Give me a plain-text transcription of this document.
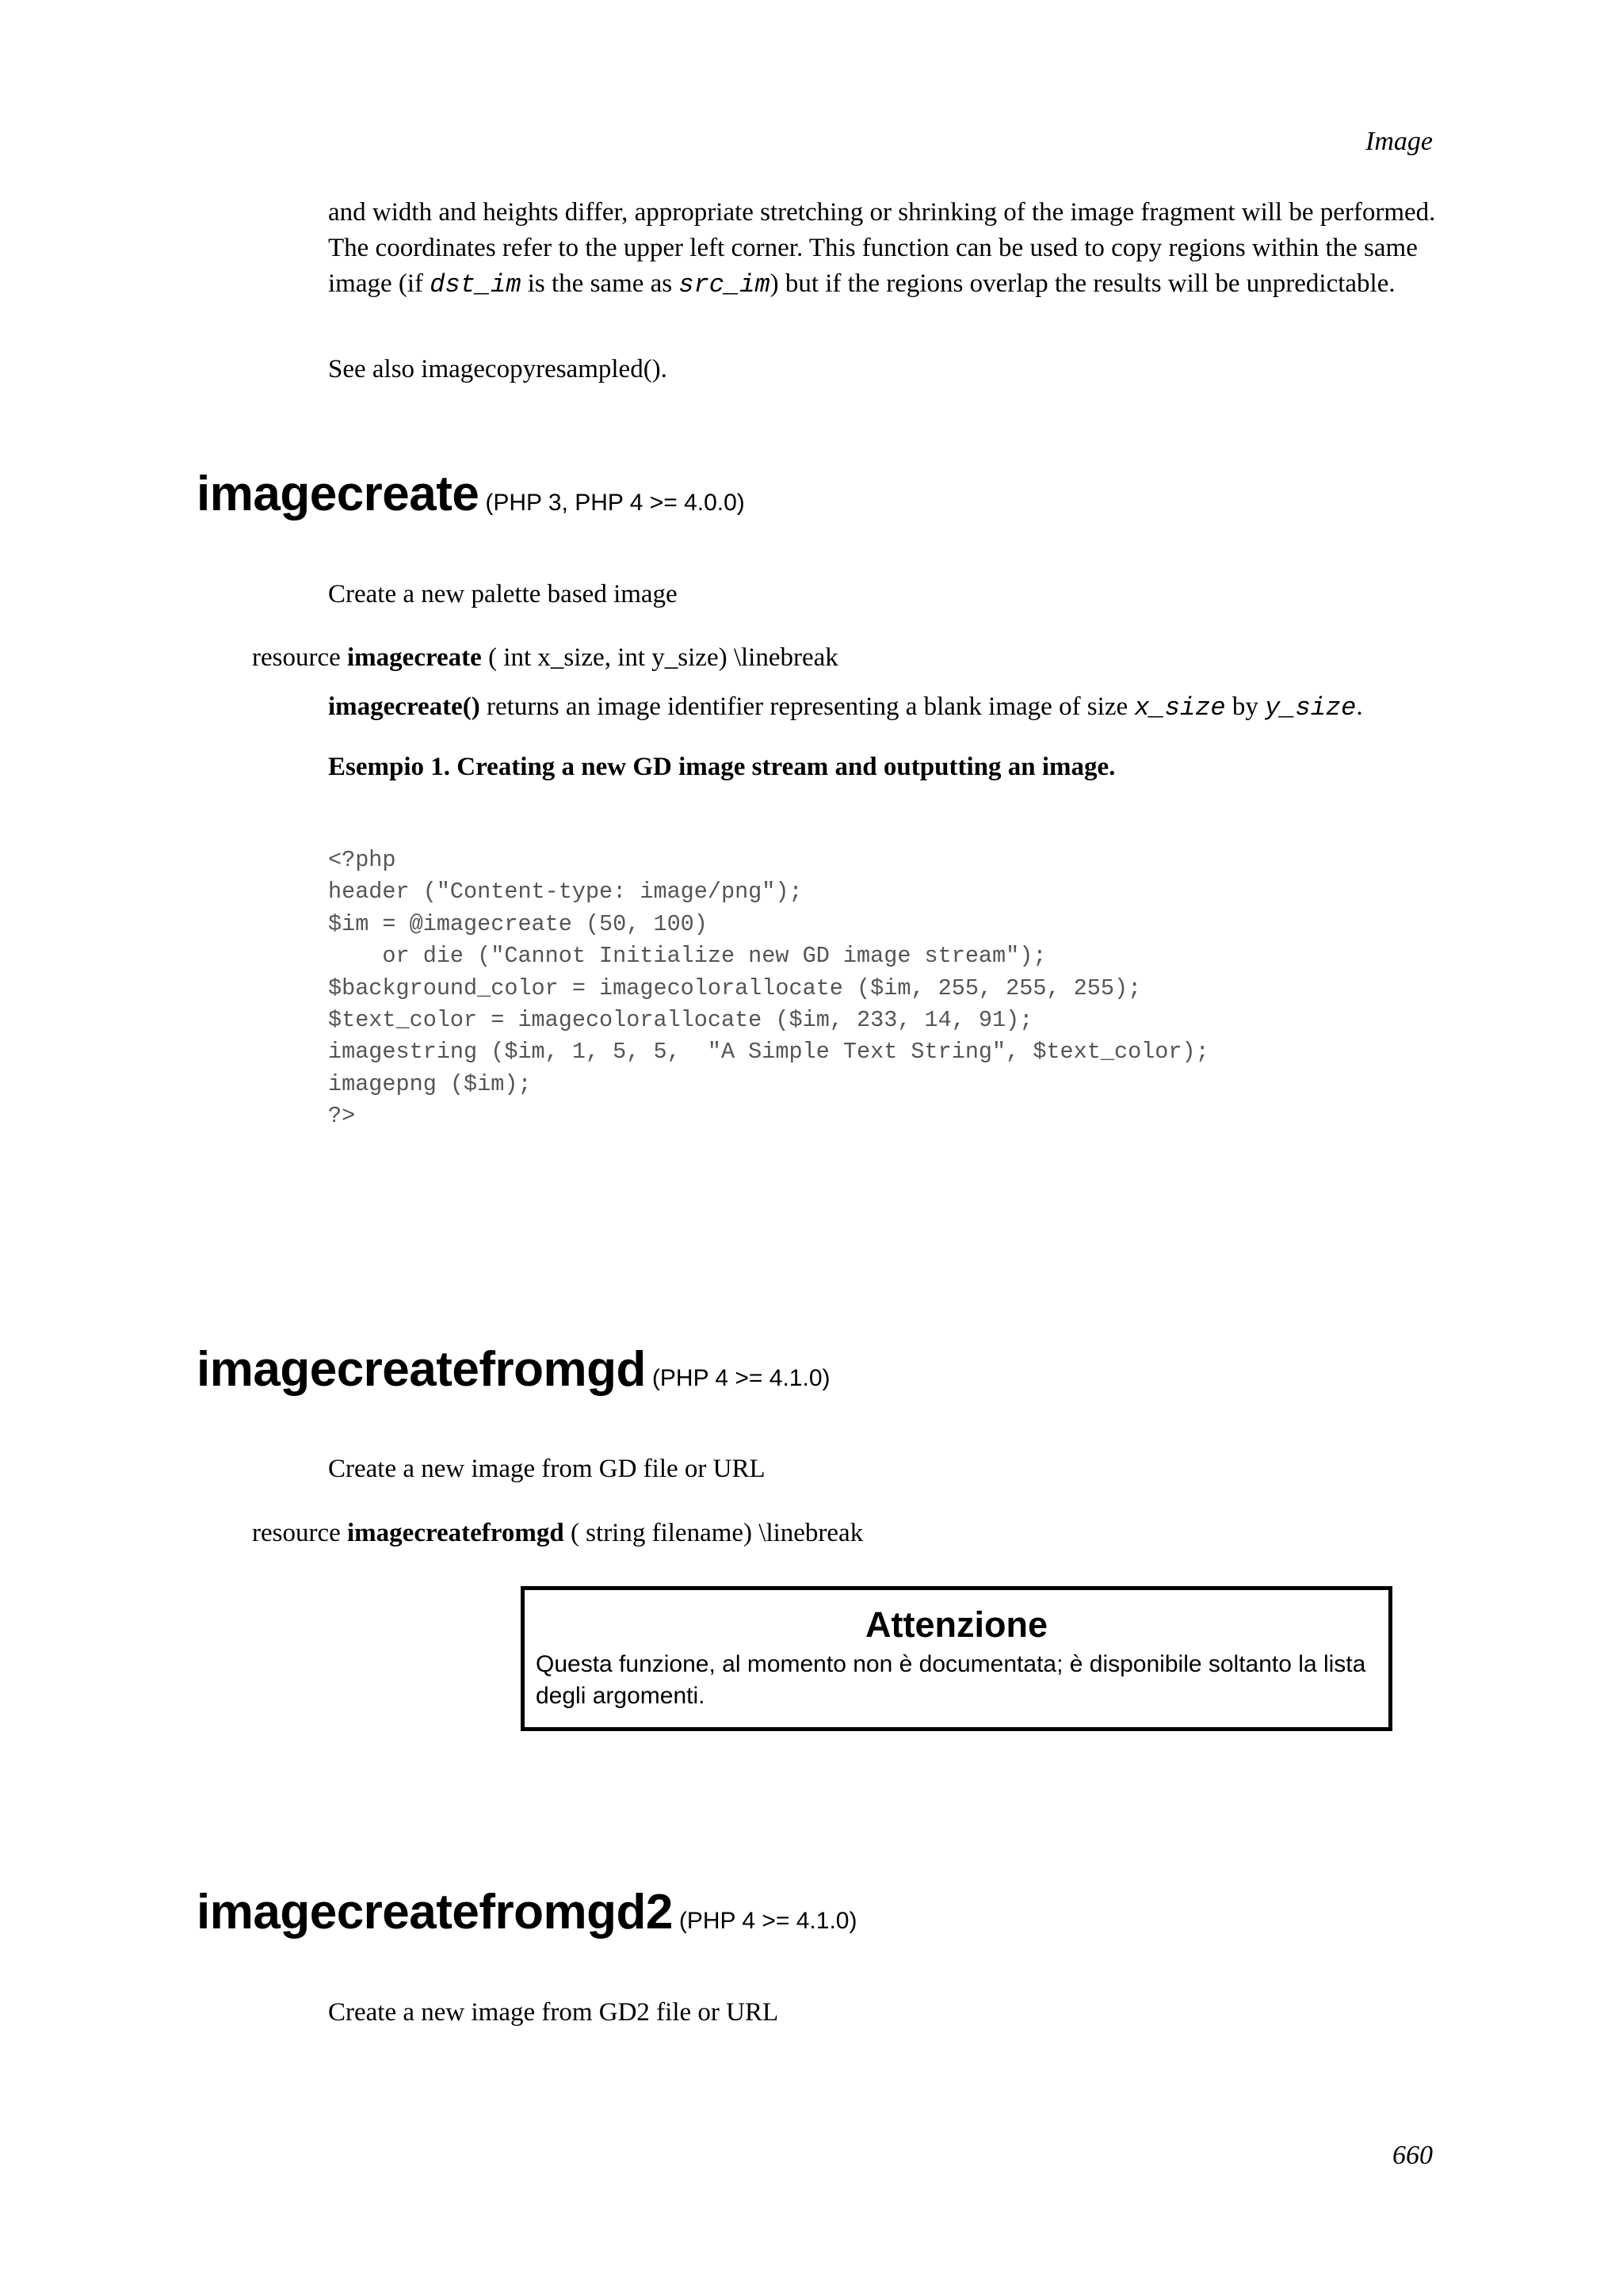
Image
and width and heights differ, appropriate stretching or shrinking of the image fragment will be performed. The coordinates refer to the upper left corner. This function can be used to copy regions within the same image (if dst_im is the same as src_im) but if the regions overlap the results will be unpredictable.
See also imagecopyresampled().
imagecreate (PHP 3, PHP 4 >= 4.0.0)
Create a new palette based image
resource imagecreate ( int x_size, int y_size) \linebreak
imagecreate() returns an image identifier representing a blank image of size x_size by y_size.
Esempio 1. Creating a new GD image stream and outputting an image.
<?php
header ("Content-type: image/png");
$im = @imagecreate (50, 100)
or die ("Cannot Initialize new GD image stream");
$background_color = imagecolorallocate ($im, 255, 255, 255);
$text_color = imagecolorallocate ($im, 233, 14, 91);
imagestring ($im, 1, 5, 5,  "A Simple Text String", $text_color);
imagepng ($im);
?>
imagecreatefromgd (PHP 4 >= 4.1.0)
Create a new image from GD file or URL
resource imagecreatefromgd ( string filename) \linebreak
Attenzione
Questa funzione, al momento non è documentata; è disponibile soltanto la lista degli argomenti.
imagecreatefromgd2 (PHP 4 >= 4.1.0)
Create a new image from GD2 file or URL
660
